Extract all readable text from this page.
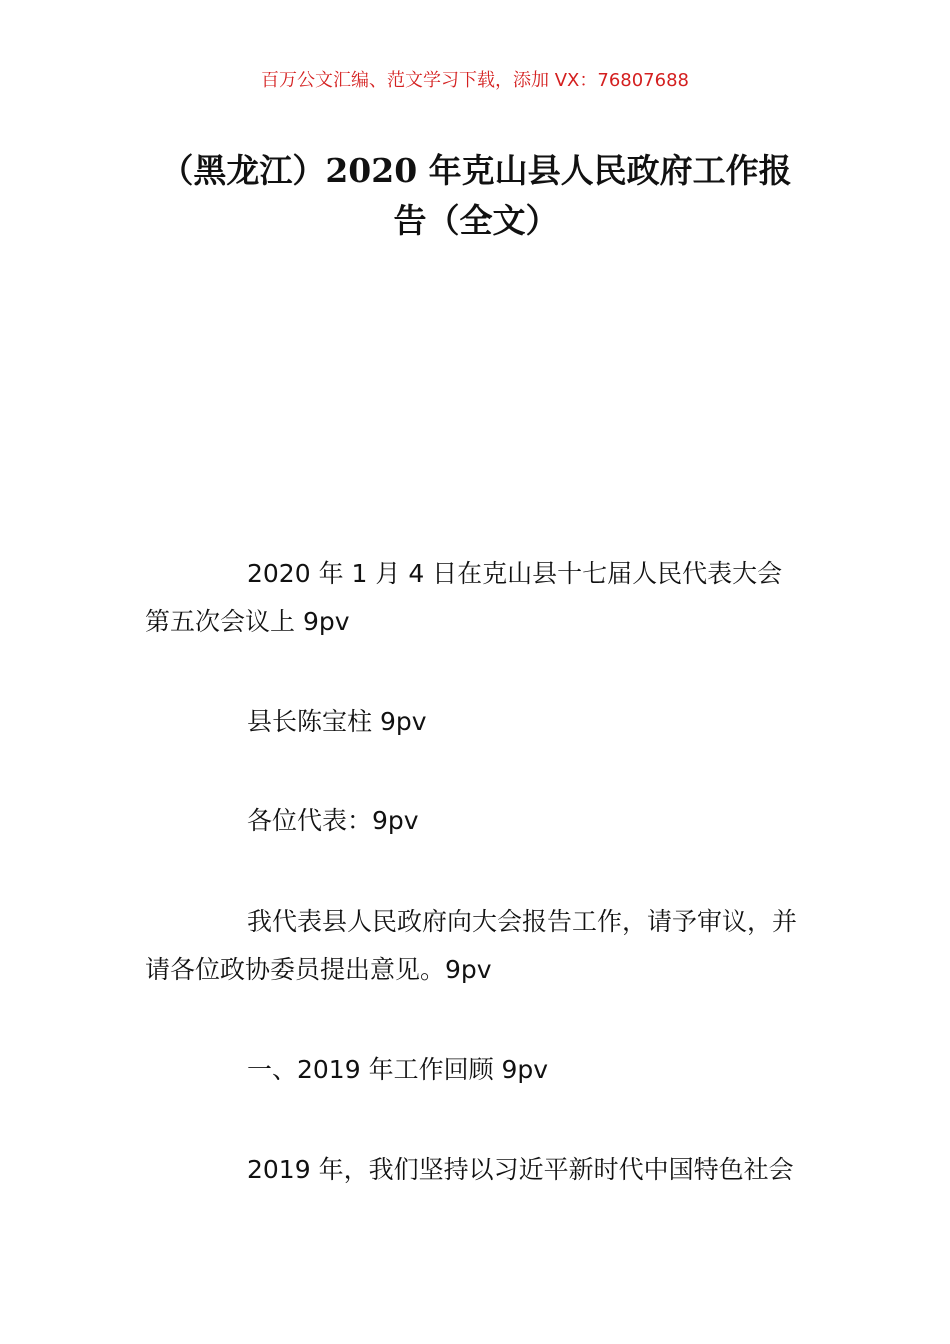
百万公文汇编、范文学习下载，添加 VX：76807688
（黑龙江）2020 年克山县人民政府工作报告（全文）

2020 年 1 月 4 日在克山县十七届人民代表大会第五次会议上 9pv

县长陈宝柱 9pv

各位代表：9pv

我代表县人民政府向大会报告工作，请予审议，并请各位政协委员提出意见。9pv

一、2019 年工作回顾 9pv

2019 年，我们坚持以习近平新时代中国特色社会
